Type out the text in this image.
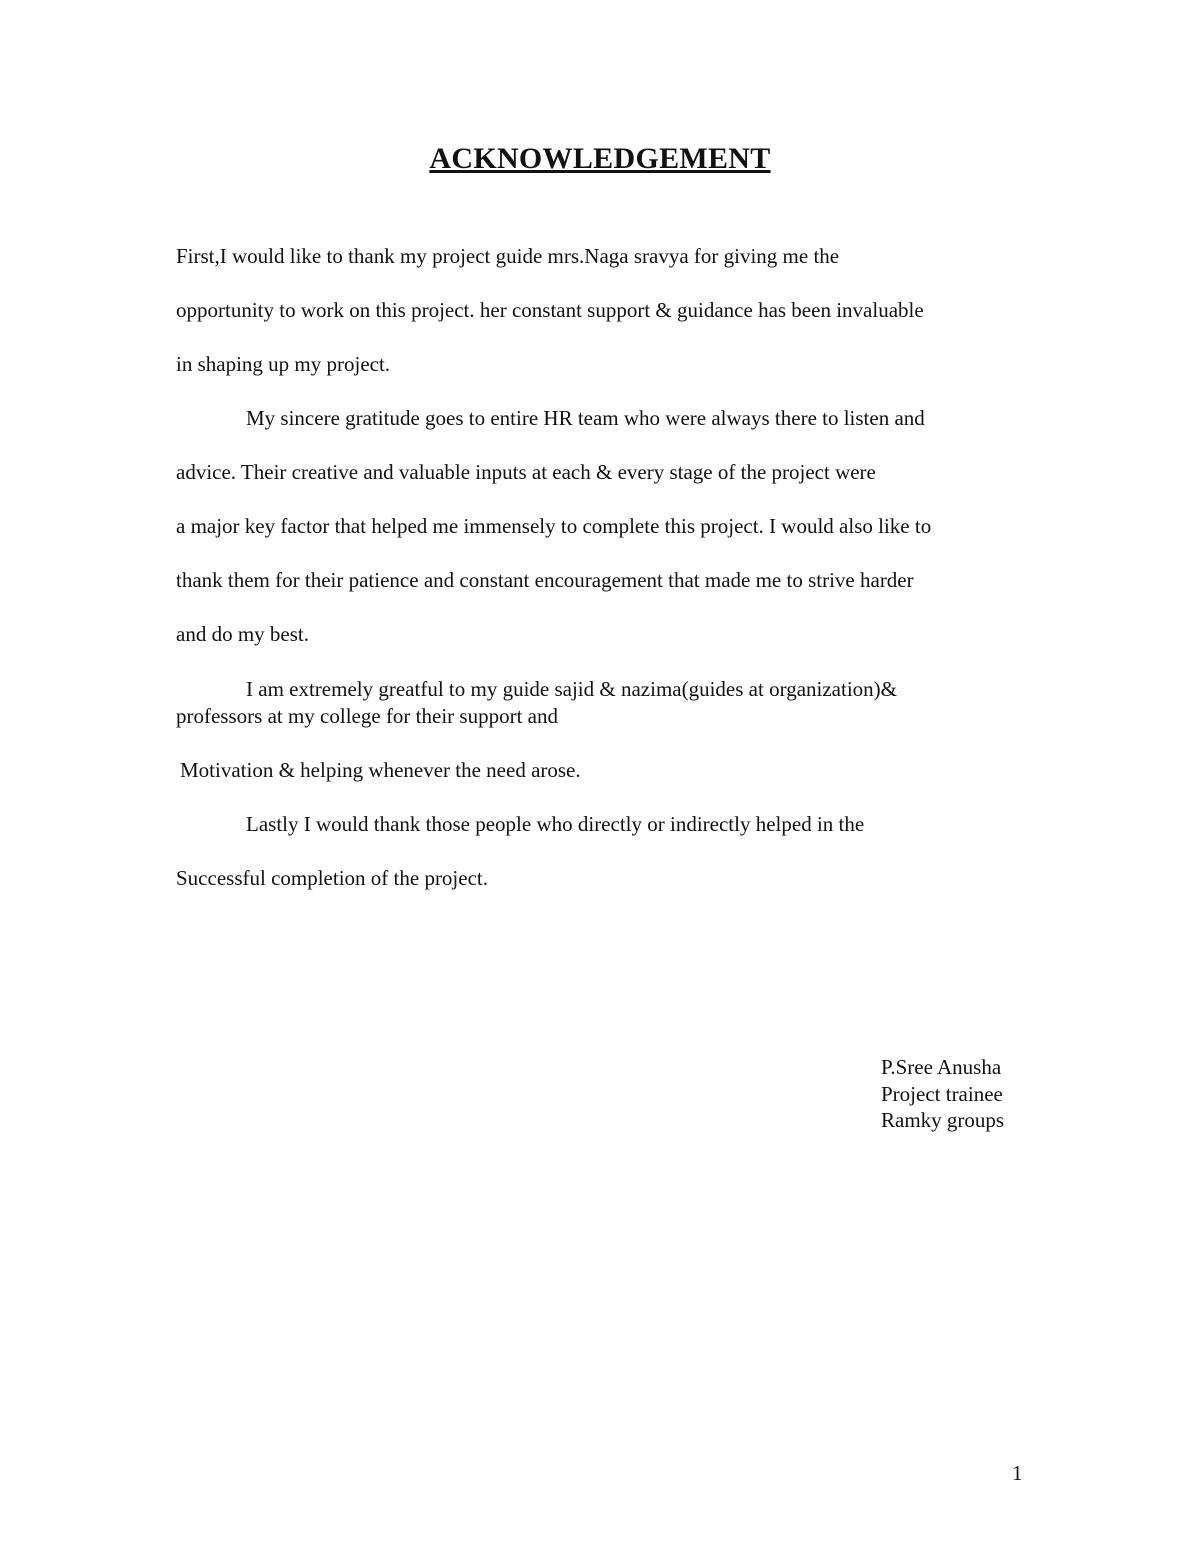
ACKNOWLEDGEMENT

First,I would like to thank my project guide mrs.Naga sravya for giving me the

opportunity to work on this project. her constant support & guidance has been invaluable

in shaping up my project.

My sincere gratitude goes to entire HR team who were always there to listen and

advice. Their creative and valuable inputs at each & every stage of the project were

a major key factor that helped me immensely to complete this project. I would also like to

thank them for their patience and constant encouragement that made me to strive harder

and do my best.

I am extremely greatful to my guide sajid & nazima(guides at organization)&

professors at my college for their support and

Motivation & helping whenever the need arose.

Lastly I would thank those people who directly or indirectly helped in the

Successful completion of the project.

P.Sree Anusha
Project trainee
Ramky groups
1
